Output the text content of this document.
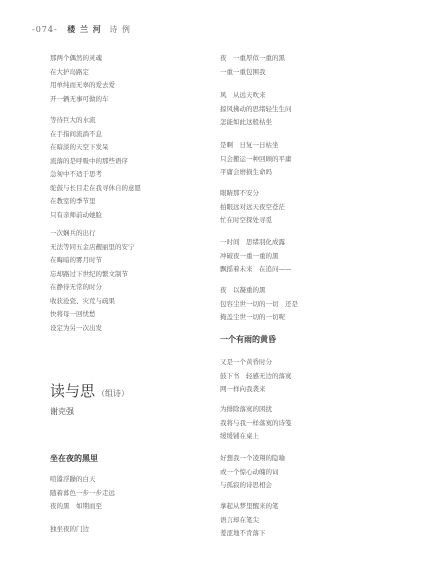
-074- 楼 兰 河 诗 例
那两个偶然的灵魂
在大护岛路定
用单纯而无辜的爱去爱
开一辆无事可做的车
等待巨大的水流
在手指间流淌不息
在暗淡的天空下发呆
流落的是呼吸中的那些语序
急匆中不适于思考
驼鼓与长目走在我寻休自的意愿
在教室的季节里
只有亲师前动她脸
一次娴兵的出行
无法等同五金店靓丽里的安宁
在晦暗的雾月时节
忘却路过下世纪的繁文制节
在静待无常的时分
收获沧瓷、灾荒与疏果
快将母一回忧愁
设定为另一次出发
读与思 （组诗）
谢克强
坐在夜的黑里
喧嚣浮躁的白天
随着暮色一步一步走远
夜的黑　如期而至
独坐夜的门边
夜　一重厚似一重的黑
一重一重包围我
风　从远天吹来
掠风拂动的思绪轻生生问
怎能如此这般枯坐
是啊　日复一日枯坐
只会搬运一种回顾的平庸
平庸会磨损生命吗
眼睛那不安分
拍眼远对远天夜空苍茫
忙在时空探处寻觅
一时间　思绪羽化成露
冲破夜一重一重的黑
飘摇着未来　在追问——
夜　以凝重的黑
包容尘世一切的一切　还是
掩盖尘世一切的一切呢
一个有雨的黄昏
又是一个黄昏时分
鼓下书　轻感无边的落寞
网一样向我袭来
为排除落寞的困扰
我将与我一样落寞的诗笺
缓缓铺在桌上
好想我一个凌翔的隐喻
或一个惊心动魄的词
与孤寂的诗思相会
拿起从梦里醒来的笔
语言却在笔尖
羞涩地不肯落下
